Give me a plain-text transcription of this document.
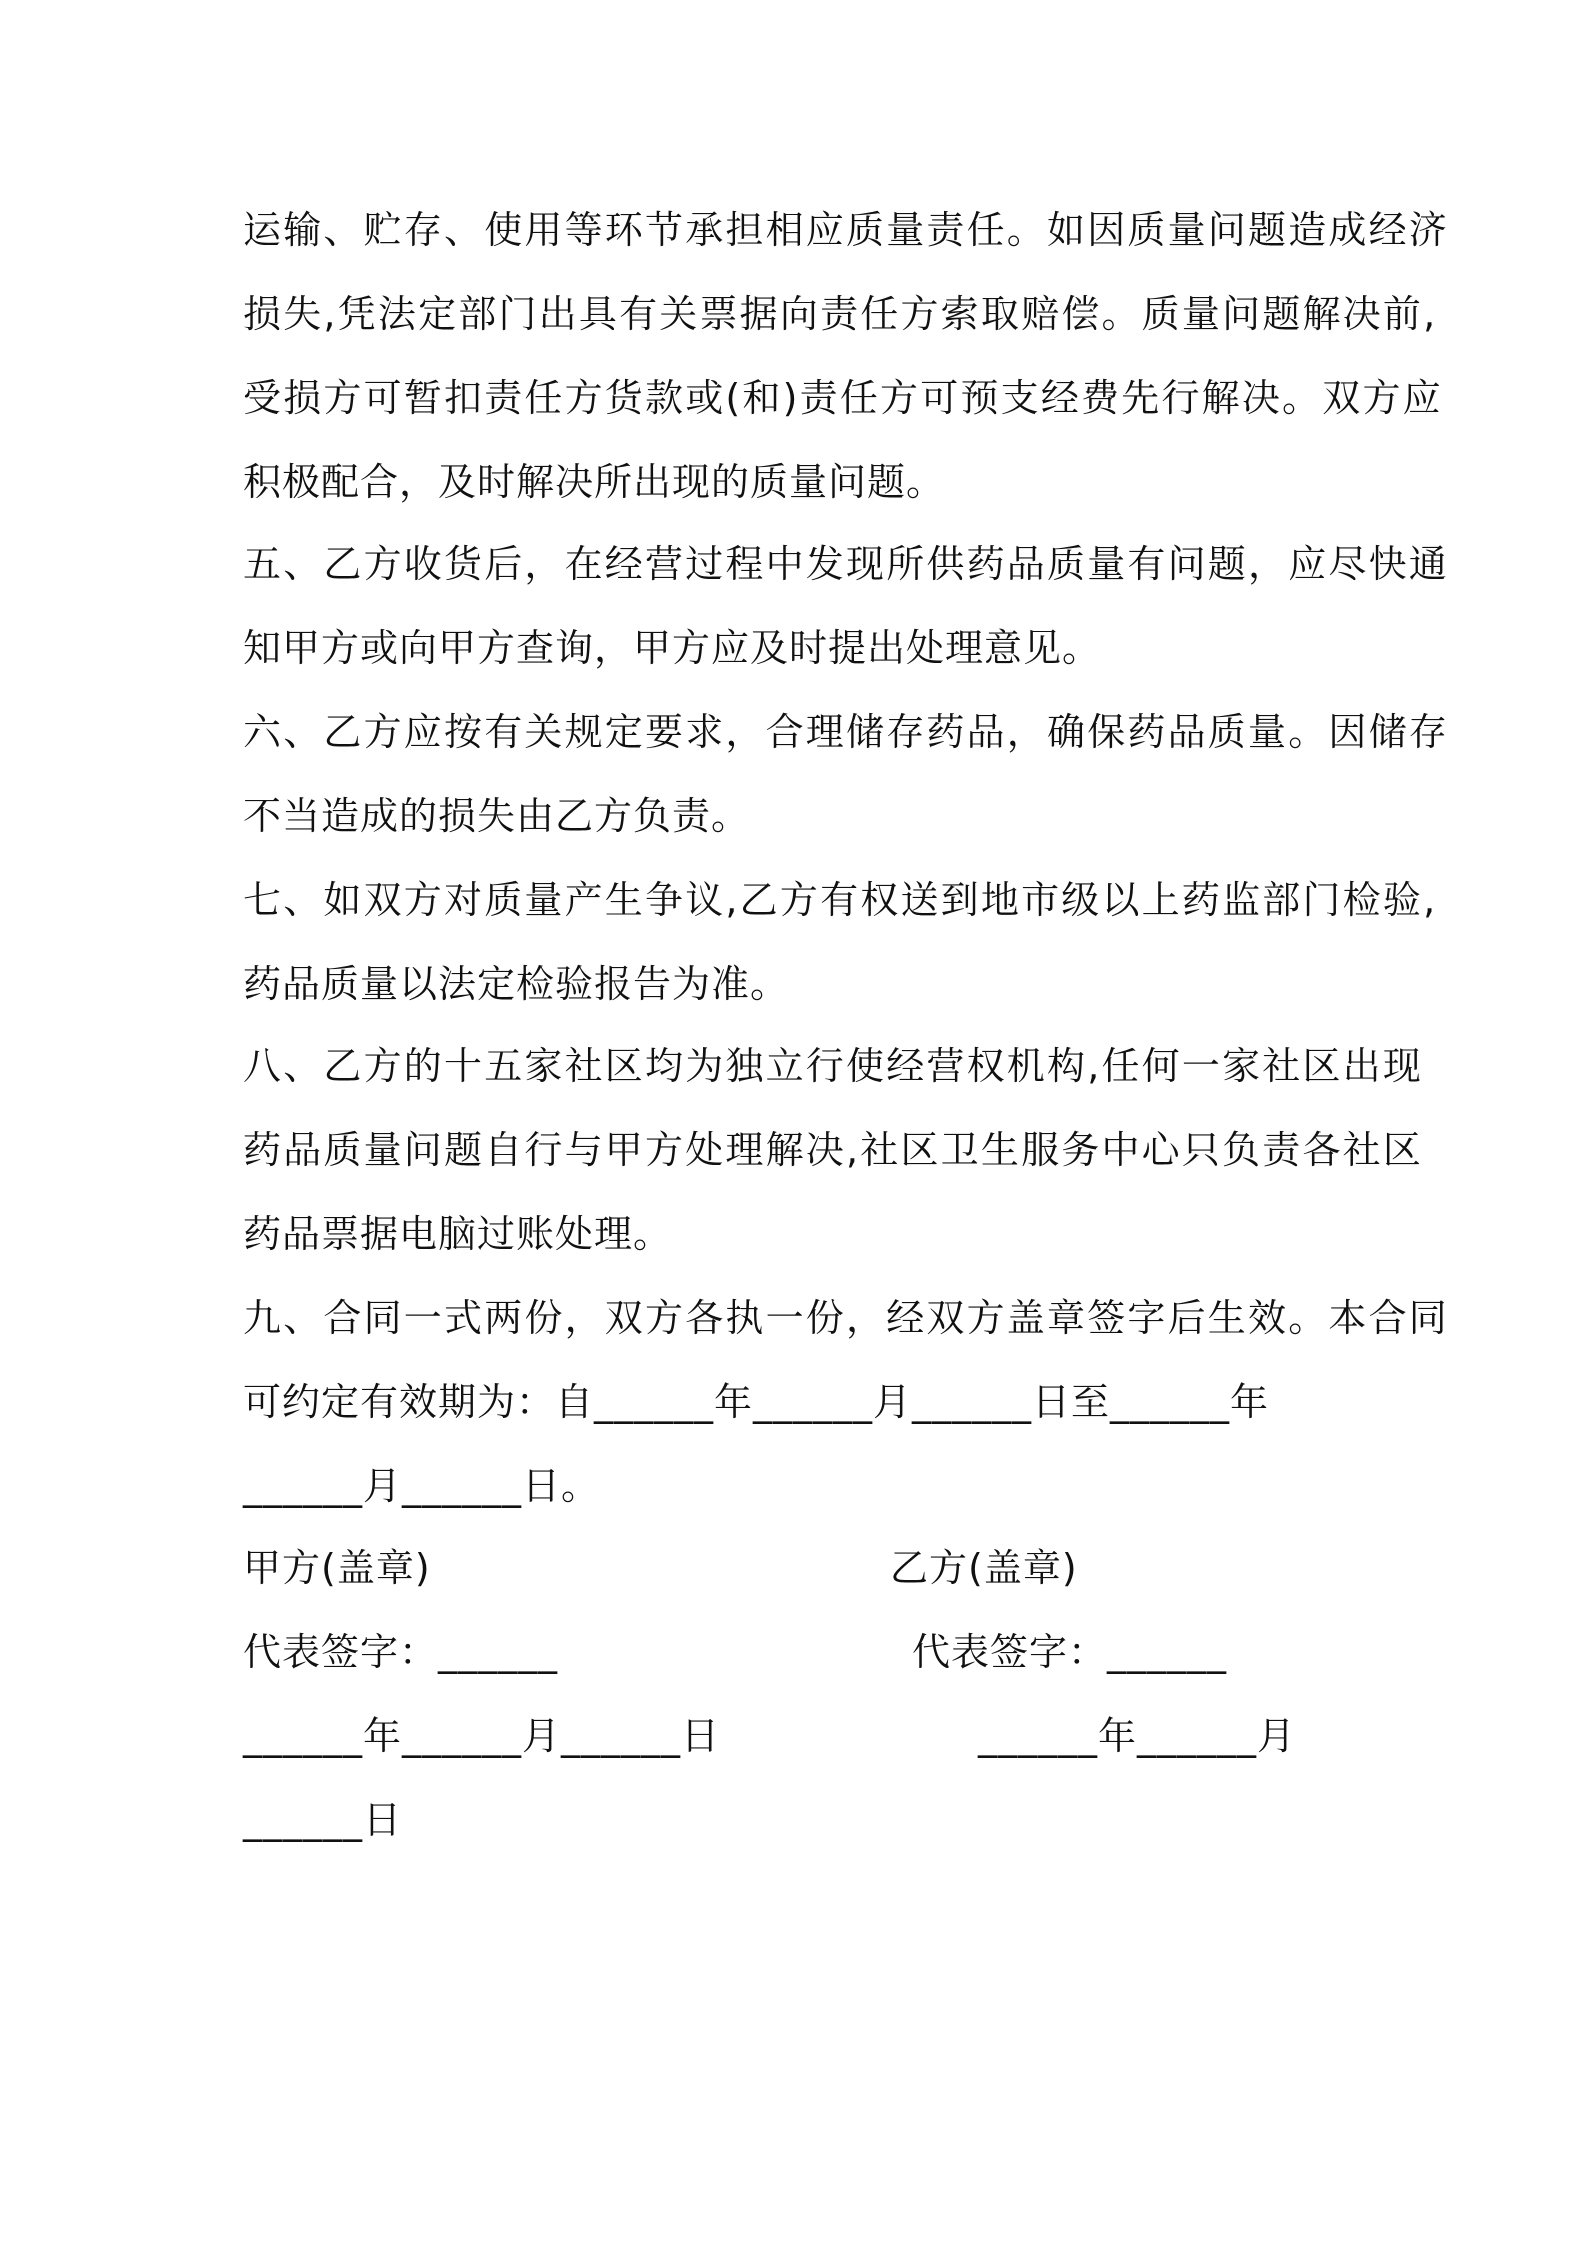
运输、贮存、使用等环节承担相应质量责任。如因质量问题造成经济
损失,凭法定部门出具有关票据向责任方索取赔偿。质量问题解决前,
受损方可暂扣责任方货款或(和)责任方可预支经费先行解决。双方应
积极配合，及时解决所出现的质量问题。
五、乙方收货后，在经营过程中发现所供药品质量有问题，应尽快通
知甲方或向甲方查询，甲方应及时提出处理意见。
六、乙方应按有关规定要求，合理储存药品，确保药品质量。因储存
不当造成的损失由乙方负责。
七、如双方对质量产生争议,乙方有权送到地市级以上药监部门检验,
药品质量以法定检验报告为准。
八、乙方的十五家社区均为独立行使经营权机构,任何一家社区出现
药品质量问题自行与甲方处理解决,社区卫生服务中心只负责各社区
药品票据电脑过账处理。
九、合同一式两份，双方各执一份，经双方盖章签字后生效。本合同
可约定有效期为：自______年______月______日至______年
______月______日。
甲方(盖章)	乙方(盖章)
代表签字：______	代表签字：______
______年______月______日	______年______月
______日
